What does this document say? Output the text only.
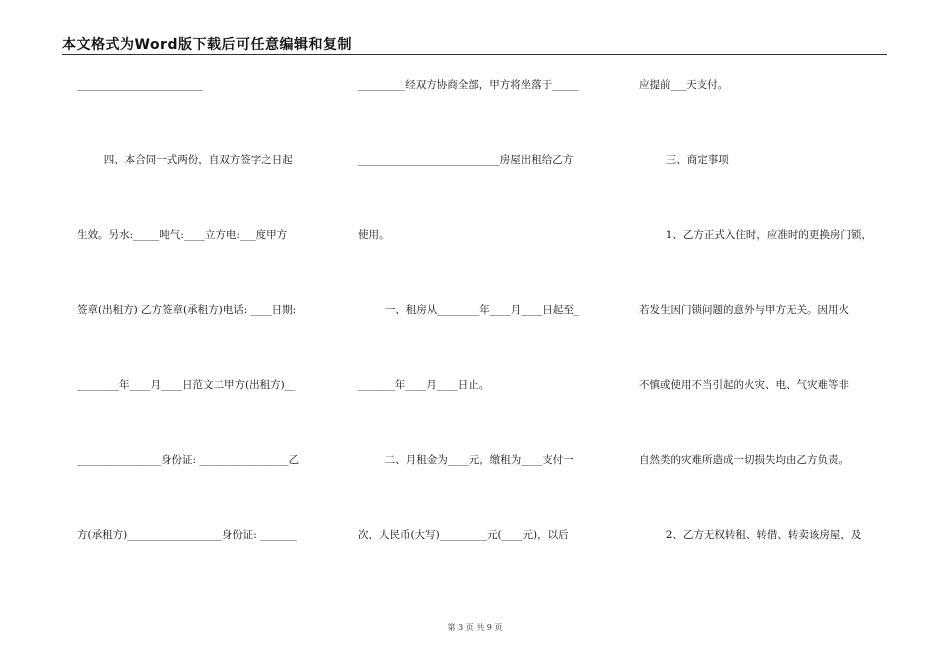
本文格式为Word版下载后可任意编辑和复制
________________________
四、本合同一式两份，自双方签字之日起
生效。另水:_____吨气:____立方电:___度甲方
签章(出租方) 乙方签章(承租方)电话: ____日期:
________年____月____日范文二甲方(出租方)__
________________身份证: _________________乙
方(承租方)__________________身份证: _______
_________经双方协商全部，甲方将坐落于_____
___________________________房屋出租给乙方
使用。
一、租房从________年____月____日起至_
_______年____月____日止。
二、月租金为____元，缴租为____支付一
次，人民币(大写)_________元(____元)，以后
应提前___天支付。
三、商定事项
1、乙方正式入住时，应准时的更换房门锁，
若发生因门锁问题的意外与甲方无关。因用火
不慎或使用不当引起的火灾、电、气灾难等非
自然类的灾难所造成一切损失均由乙方负责。
2、乙方无权转租、转借、转卖该房屋，及
第 3 页 共 9 页
